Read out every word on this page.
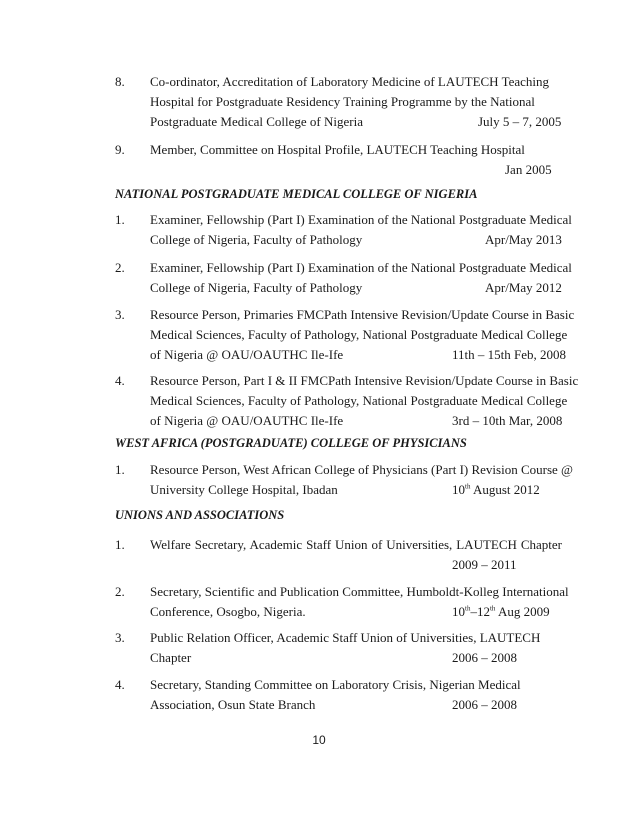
8. Co-ordinator, Accreditation of Laboratory Medicine of LAUTECH Teaching
Hospital for Postgraduate Residency Training Programme by the National
Postgraduate Medical College of Nigeria	July 5 – 7, 2005
9. Member, Committee on Hospital Profile, LAUTECH Teaching Hospital
Jan 2005
NATIONAL POSTGRADUATE MEDICAL COLLEGE OF NIGERIA
1. Examiner, Fellowship (Part I) Examination of the National Postgraduate Medical
College of Nigeria, Faculty of Pathology	Apr/May 2013
2. Examiner, Fellowship (Part I) Examination of the National Postgraduate Medical
College of Nigeria, Faculty of Pathology	Apr/May 2012
3. Resource Person, Primaries FMCPath Intensive Revision/Update Course in Basic
Medical Sciences, Faculty of Pathology, National Postgraduate Medical College
of Nigeria @ OAU/OAUTHC Ile-Ife	11th – 15th Feb, 2008
4. Resource Person, Part I & II FMCPath Intensive Revision/Update Course in Basic
Medical Sciences, Faculty of Pathology, National Postgraduate Medical College
of Nigeria @ OAU/OAUTHC Ile-Ife	3rd – 10th Mar, 2008
WEST AFRICA (POSTGRADUATE) COLLEGE OF PHYSICIANS
1. Resource Person, West African College of Physicians (Part I) Revision Course @
University College Hospital, Ibadan	10th August 2012
UNIONS AND ASSOCIATIONS
1. Welfare Secretary, Academic Staff Union of Universities, LAUTECH Chapter
2009 – 2011
2. Secretary, Scientific and Publication Committee, Humboldt-Kolleg International
Conference, Osogbo, Nigeria.	10th–12th Aug 2009
3. Public Relation Officer, Academic Staff Union of Universities, LAUTECH
Chapter	2006 – 2008
4. Secretary, Standing Committee on Laboratory Crisis, Nigerian Medical
Association, Osun State Branch	2006 – 2008
10
